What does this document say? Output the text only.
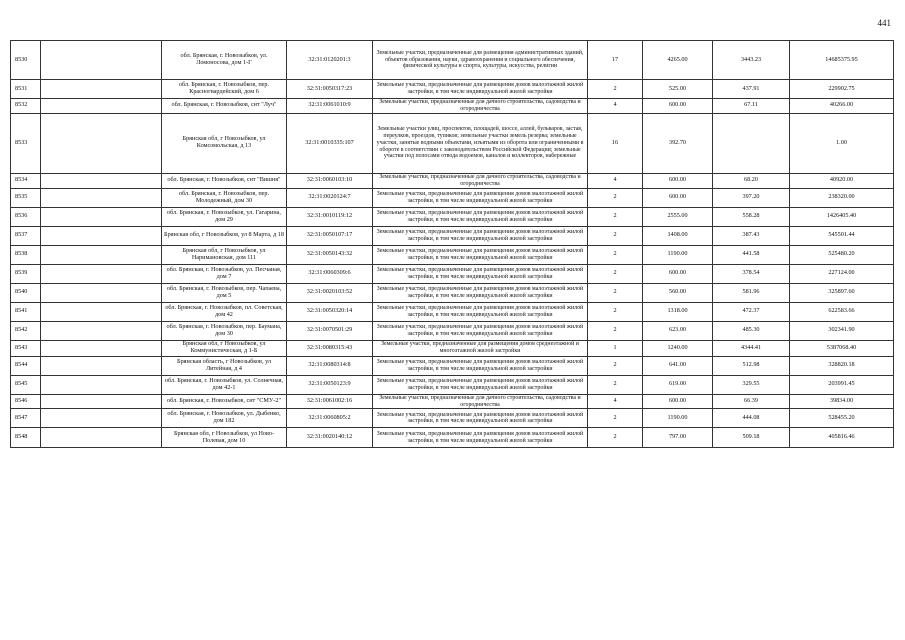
441
8530		обл. Брянская, г. Новозыбков, ул. Ломоносова, дом 1-Г	32:31:0120201:3	Земельные участки, предназначенные для размещения административных зданий, объектов образования, науки, здравоохранения и социального обеспечения, физической культуры и спорта, культуры, искусства, религии	17	4265.00	3443.23	14685375.95
8531		обл. Брянская, г. Новозыбков, пер. Красногвардейский, дом 6	32:31:0050317:23	Земельные участки, предназначенные для размещения домов малоэтажной жилой застройки, в том числе индивидуальной жилой застройки	2	525.00	437.91	229902.75
8532		обл. Брянская, г. Новозыбков, снт "Луч"	32:31:0061010:9	Земельные участки, предназначенные для дачного строительства, садоводства и огородничества	4	600.00	67.11	40266.00
8533		Брянская обл, г Новозыбков, ул Комсомольская, д 13	32:31:0010335:107	Земельные участки улиц, проспектов, площадей, шоссе, аллей, бульваров, застав, переулков, проездов, тупиков; земельные участки земель резерва; земельные участки, занятые водными объектами, изъятыми из оборота или ограниченными в обороте в соответствии с законодательством Российской Федерации; земельные участки под полосами отвода водоемов, каналов и коллекторов, набережные	16	392.70		1.00
8534		обл. Брянская, г. Новозыбков, снт "Вишня"	32:31:0060103:10	Земельные участки, предназначенные для дачного строительства, садоводства и огородничества	4	600.00	68.20	40920.00
8535		обл. Брянская, г. Новозыбков, пер. Молодежный, дом 30	32:31:0020124:7	Земельные участки, предназначенные для размещения домов малоэтажной жилой застройки, в том числе индивидуальной жилой застройки	2	600.00	397.20	238320.00
8536		обл. Брянская, г. Новозыбков, ул. Гагарина, дом 29	32:31:0010119:12	Земельные участки, предназначенные для размещения домов малоэтажной жилой застройки, в том числе индивидуальной жилой застройки	2	2555.00	558.28	1426405.40
8537		Брянская обл, г Новозыбков, ул 8 Марта, д 18	32:31:0050107:17	Земельные участки, предназначенные для размещения домов малоэтажной жилой застройки, в том числе индивидуальной жилой застройки	2	1408.00	387.43	545501.44
8538		Брянская обл, г Новозыбков, ул Наримановская, дом 111	32:31:0050143:32	Земельные участки, предназначенные для размещения домов малоэтажной жилой застройки, в том числе индивидуальной жилой застройки	2	1190.00	441.58	525480.20
8539		обл. Брянская, г. Новозыбков, ул. Песчаная, дом 7	32:31:0060309:6	Земельные участки, предназначенные для размещения домов малоэтажной жилой застройки, в том числе индивидуальной жилой застройки	2	600.00	378.54	227124.00
8540		обл. Брянская, г. Новозыбков, пер. Чапаева, дом 5	32:31:0020103:52	Земельные участки, предназначенные для размещения домов малоэтажной жилой застройки, в том числе индивидуальной жилой застройки	2	560.00	581.96	325897.60
8541		обл. Брянская, г. Новозыбков, пл. Советская, дом 42	32:31:0050320:14	Земельные участки, предназначенные для размещения домов малоэтажной жилой застройки, в том числе индивидуальной жилой застройки	2	1318.00	472.37	622583.66
8542		обл. Брянская, г. Новозыбков, пер. Баумана, дом 30	32:31:0070501:29	Земельные участки, предназначенные для размещения домов малоэтажной жилой застройки, в том числе индивидуальной жилой застройки	2	623.00	485.30	302341.90
8543		Брянская обл, г Новозыбков, ул Коммунистическая, д 1-Б	32:31:0080315:43	Земельные участки, предназначенные для размещения домов среднеэтажной и многоэтажной жилой застройки	1	1240.00	4344.41	5387068.40
8544		Брянская область, г Новозыбков, ул Литейная, д 4	32:31:0080314:8	Земельные участки, предназначенные для размещения домов малоэтажной жилой застройки, в том числе индивидуальной жилой застройки	2	641.00	512.98	328820.18
8545		обл. Брянская, г. Новозыбков, ул. Солнечная, дом 42-1	32:31:0050123:9	Земельные участки, предназначенные для размещения домов малоэтажной жилой застройки, в том числе индивидуальной жилой застройки	2	619.00	329.55	203991.45
8546		обл. Брянская, г. Новозыбков, снт "СМУ-2"	32:31:0061002:16	Земельные участки, предназначенные для дачного строительства, садоводства и огородничества	4	600.00	66.39	39834.00
8547		обл. Брянская, г. Новозыбков, ул. Дыбенко, дом 182	32:31:0060805:2	Земельные участки, предназначенные для размещения домов малоэтажной жилой застройки, в том числе индивидуальной жилой застройки	2	1190.00	444.08	528455.20
8548		Брянская обл, г Новозыбков, ул Ново-Полевая, дом 10	32:31:0020140:12	Земельные участки, предназначенные для размещения домов малоэтажной жилой застройки, в том числе индивидуальной жилой застройки	2	797.00	509.18	405816.46
